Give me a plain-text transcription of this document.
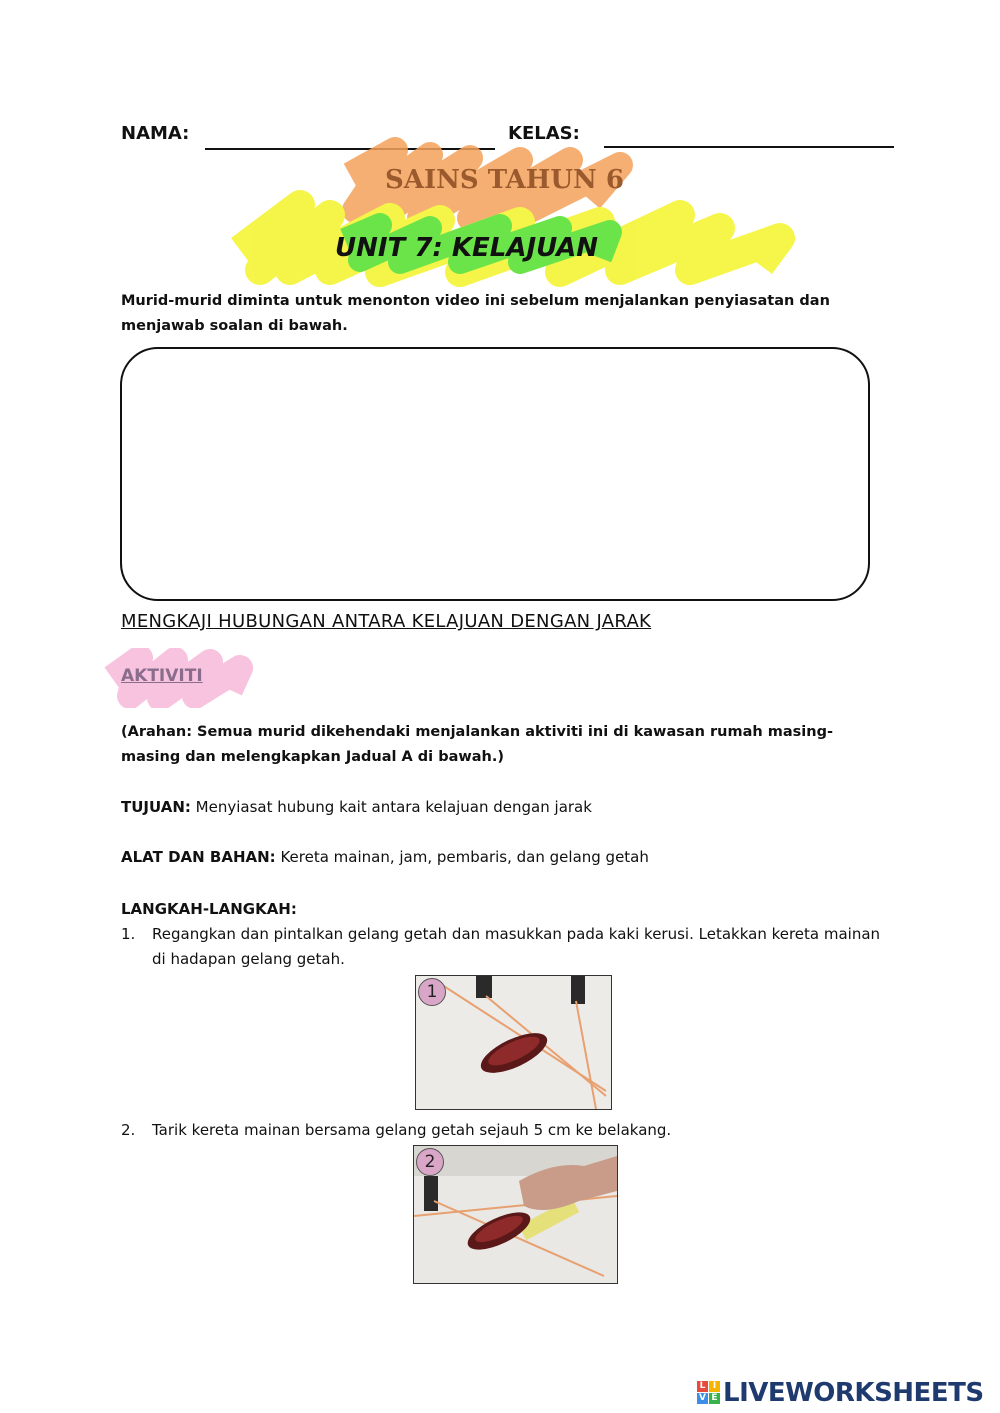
NAMA:	KELAS:
SAINS TAHUN 6
UNIT 7: KELAJUAN
Murid-murid diminta untuk menonton video ini sebelum menjalankan penyiasatan dan menjawab soalan di bawah.
MENGKAJI HUBUNGAN ANTARA KELAJUAN DENGAN JARAK
AKTIVITI
(Arahan: Semua murid dikehendaki menjalankan aktiviti ini di kawasan rumah masing-masing dan melengkapkan Jadual A di bawah.)
TUJUAN: Menyiasat hubung kait antara kelajuan dengan jarak
ALAT DAN BAHAN: Kereta mainan, jam, pembaris, dan gelang getah
LANGKAH-LANGKAH:
1. Regangkan dan pintalkan gelang getah dan masukkan pada kaki kerusi. Letakkan kereta mainan di hadapan gelang getah.
1
2. Tarik kereta mainan bersama gelang getah sejauh 5 cm ke belakang.
2
L I
V E LIVEWORKSHEETS
